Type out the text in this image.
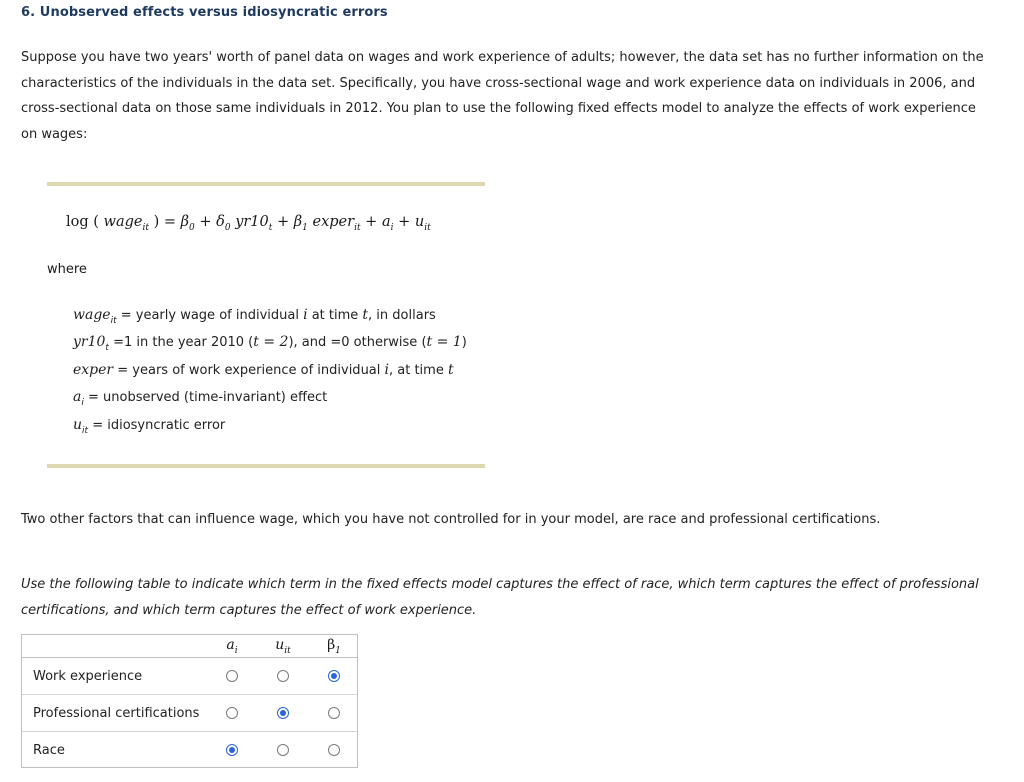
6. Unobserved effects versus idiosyncratic errors
Suppose you have two years' worth of panel data on wages and work experience of adults; however, the data set has no further information on the characteristics of the individuals in the data set. Specifically, you have cross-sectional wage and work experience data on individuals in 2006, and cross-sectional data on those same individuals in 2012. You plan to use the following fixed effects model to analyze the effects of work experience on wages:
log ( wage$_{it}$ ) = $\beta_0 + \delta_0$ $yr10_t + \beta_1$ exper$_{it}$ + $a_i + u_{it}$
where
wage$_{it}$ = yearly wage of individual i at time t, in dollars
$yr10_t =1$ in the year 2010 (t = 2), and =0 otherwise (t = 1)
exper = years of work experience of individual i, at time t
$a_i$ = unobserved (time-invariant) effect
$u_{it}$ = idiosyncratic error
Two other factors that can influence wage, which you have not controlled for in your model, are race and professional certifications.
Use the following table to indicate which term in the fixed effects model captures the effect of race, which term captures the effect of professional certifications, and which term captures the effect of work experience.
$a_i$	$u_{it}$	$\beta_1$
Work experience
Professional certifications
Race
